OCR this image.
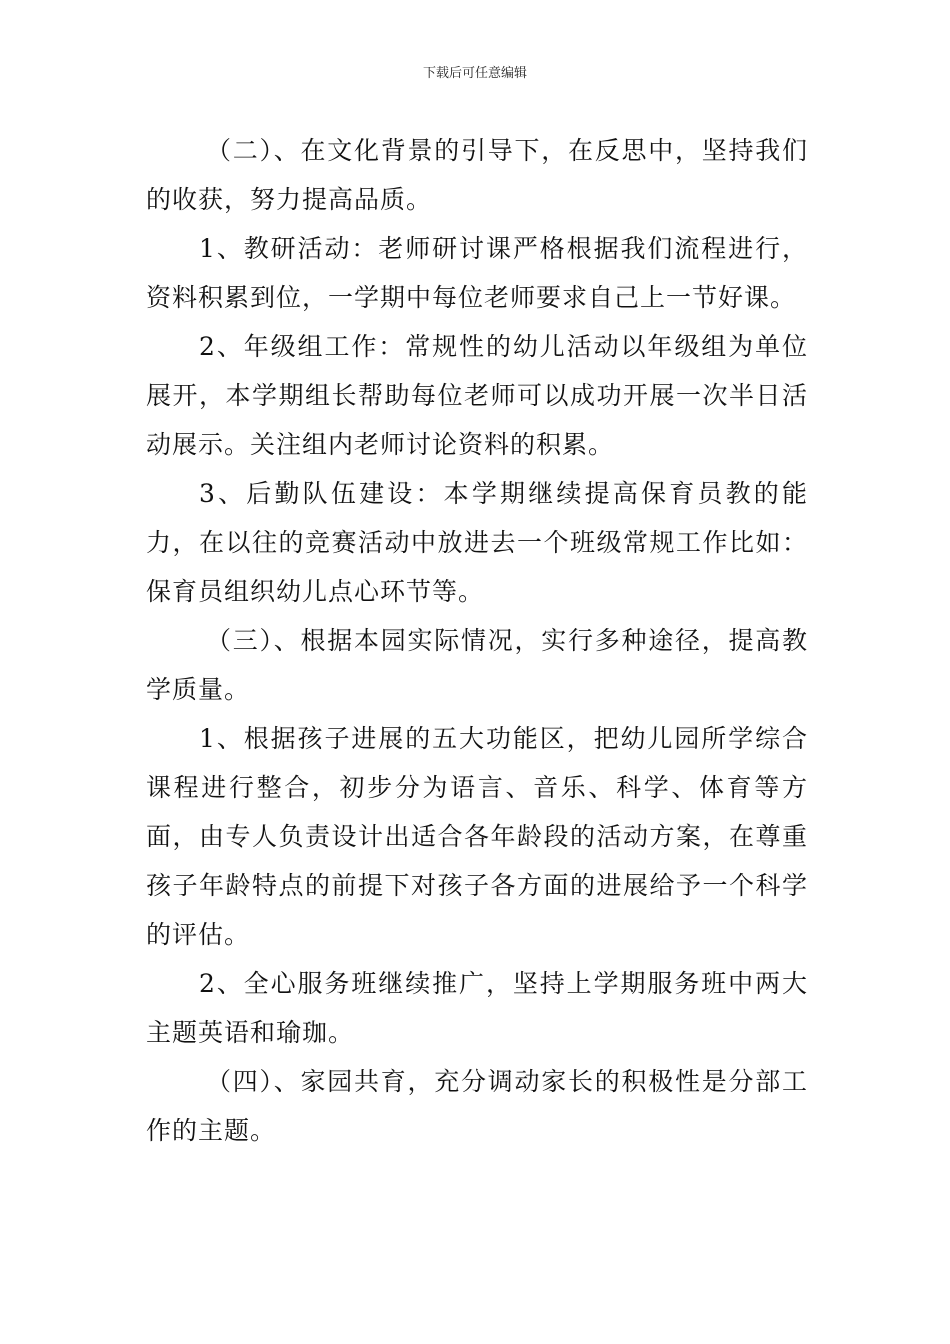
下载后可任意编辑

（二）、在文化背景的引导下，在反思中，坚持我们的收获，努力提高品质。

1、教研活动：老师研讨课严格根据我们流程进行，资料积累到位，一学期中每位老师要求自己上一节好课。

2、年级组工作：常规性的幼儿活动以年级组为单位展开，本学期组长帮助每位老师可以成功开展一次半日活动展示。关注组内老师讨论资料的积累。

3、后勤队伍建设：本学期继续提高保育员教的能力，在以往的竞赛活动中放进去一个班级常规工作比如：保育员组织幼儿点心环节等。

（三）、根据本园实际情况，实行多种途径，提高教学质量。

1、根据孩子进展的五大功能区，把幼儿园所学综合课程进行整合，初步分为语言、音乐、科学、体育等方面，由专人负责设计出适合各年龄段的活动方案，在尊重孩子年龄特点的前提下对孩子各方面的进展给予一个科学的评估。

2、全心服务班继续推广，坚持上学期服务班中两大主题英语和瑜珈。

（四）、家园共育，充分调动家长的积极性是分部工作的主题。
